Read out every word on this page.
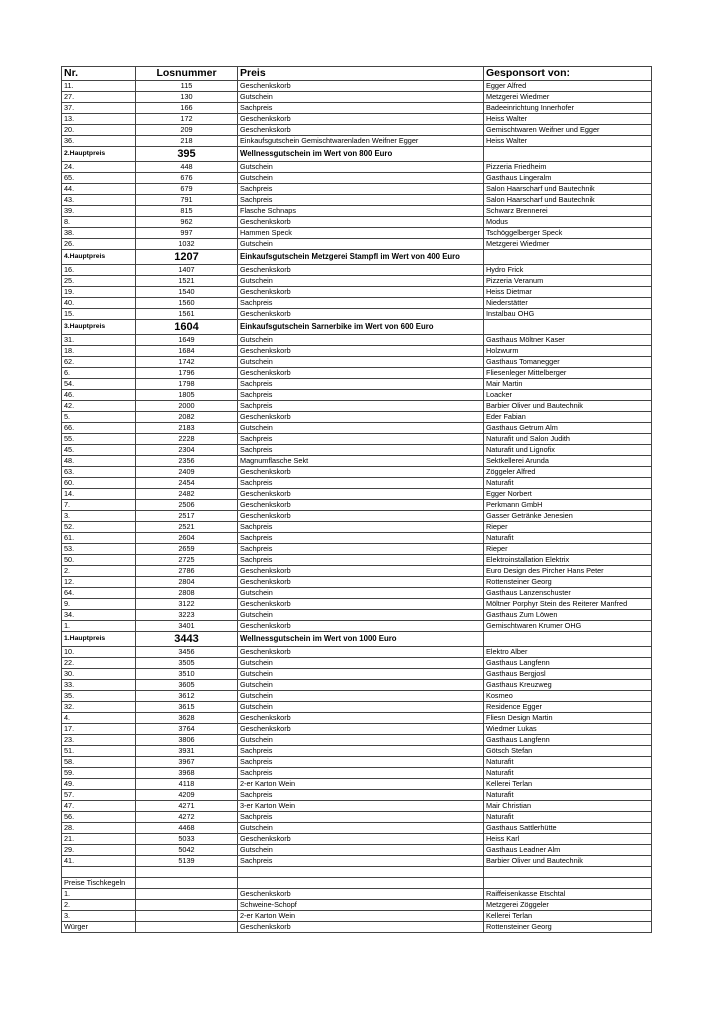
Nr.	Losnummer	Preis	Gesponsort von:
11.	115	Geschenkskorb	Egger Alfred
27.	130	Gutschein	Metzgerei Wiedmer
37.	166	Sachpreis	Badeeinrichtung Innerhofer
13.	172	Geschenkskorb	Heiss Walter
20.	209	Geschenkskorb	Gemischtwaren Weifner und Egger
36.	218	Einkaufsgutschein Gemischtwarenladen Weifner Egger	Heiss Walter
2.Hauptpreis	395	Wellnessgutschein im Wert von 800 Euro	
24.	448	Gutschein	Pizzeria Friedheim
65.	676	Gutschein	Gasthaus Lingeralm
44.	679	Sachpreis	Salon Haarscharf und Bautechnik
43.	791	Sachpreis	Salon Haarscharf und Bautechnik
39.	815	Flasche Schnaps	Schwarz Brennerei
8.	962	Geschenkskorb	Modus
38.	997	Hammen Speck	Tschöggelberger Speck
26.	1032	Gutschein	Metzgerei Wiedmer
4.Hauptpreis	1207	Einkaufsgutschein Metzgerei Stampfl im Wert von 400 Euro	
16.	1407	Geschenkskorb	Hydro Frick
25.	1521	Gutschein	Pizzeria Veranum
19.	1540	Geschenkskorb	Heiss Dietmar
40.	1560	Sachpreis	Niederstätter
15.	1561	Geschenkskorb	Instalbau OHG
3.Hauptpreis	1604	Einkaufsgutschein Sarnerbike im Wert von 600 Euro	
31.	1649	Gutschein	Gasthaus Möltner Kaser
18.	1684	Geschenkskorb	Holzwurm
62.	1742	Gutschein	Gasthaus Tomanegger
6.	1796	Geschenkskorb	Fliesenleger Mittelberger
54.	1798	Sachpreis	Mair Martin
46.	1805	Sachpreis	Loacker
42.	2000	Sachpreis	Barbier Oliver und Bautechnik
5.	2082	Geschenkskorb	Eder Fabian
66.	2183	Gutschein	Gasthaus Getrum Alm
55.	2228	Sachpreis	Naturafit und Salon Judith
45.	2304	Sachpreis	Naturafit und Lignofix
48.	2356	Magnumflasche Sekt	Sektkellerei Arunda
63.	2409	Geschenkskorb	Zöggeler Alfred
60.	2454	Sachpreis	Naturafit
14.	2482	Geschenkskorb	Egger Norbert
7.	2506	Geschenkskorb	Perkmann GmbH
3.	2517	Geschenkskorb	Gasser Getränke Jenesien
52.	2521	Sachpreis	Rieper
61.	2604	Sachpreis	Naturafit
53.	2659	Sachpreis	Rieper
50.	2725	Sachpreis	Elektroinstallation Elektrix
2.	2786	Geschenkskorb	Euro Design des Pircher Hans Peter
12.	2804	Geschenkskorb	Rottensteiner Georg
64.	2808	Gutschein	Gasthaus Lanzenschuster
9.	3122	Geschenkskorb	Möltner Porphyr Stein des Reiterer Manfred
34.	3223	Gutschein	Gasthaus Zum Löwen
1.	3401	Geschenkskorb	Gemischtwaren Krumer OHG
1.Hauptpreis	3443	Wellnessgutschein im Wert von 1000 Euro	
10.	3456	Geschenkskorb	Elektro Alber
22.	3505	Gutschein	Gasthaus Langfenn
30.	3510	Gutschein	Gasthaus Bergjosl
33.	3605	Gutschein	Gasthaus Kreuzweg
35.	3612	Gutschein	Kosmeo
32.	3615	Gutschein	Residence Egger
4.	3628	Geschenkskorb	Fliesn Design Martin
17.	3764	Geschenkskorb	Wiedmer Lukas
23.	3806	Gutschein	Gasthaus Langfenn
51.	3931	Sachpreis	Götsch Stefan
58.	3967	Sachpreis	Naturafit
59.	3968	Sachpreis	Naturafit
49.	4118	2-er Karton Wein	Kellerei Terlan
57.	4209	Sachpreis	Naturafit
47.	4271	3-er Karton Wein	Mair Christian
56.	4272	Sachpreis	Naturafit
28.	4468	Gutschein	Gasthaus Sattlerhütte
21.	5033	Geschenkskorb	Heiss Karl
29.	5042	Gutschein	Gasthaus Leadner Alm
41.	5139	Sachpreis	Barbier Oliver und Bautechnik

Preise Tischkegeln			
1.		Geschenkskorb	Raiffeisenkasse Etschtal
2.		Schweine-Schopf	Metzgerei Zöggeler
3.		2-er Karton Wein	Kellerei Terlan
Würger		Geschenkskorb	Rottensteiner Georg
